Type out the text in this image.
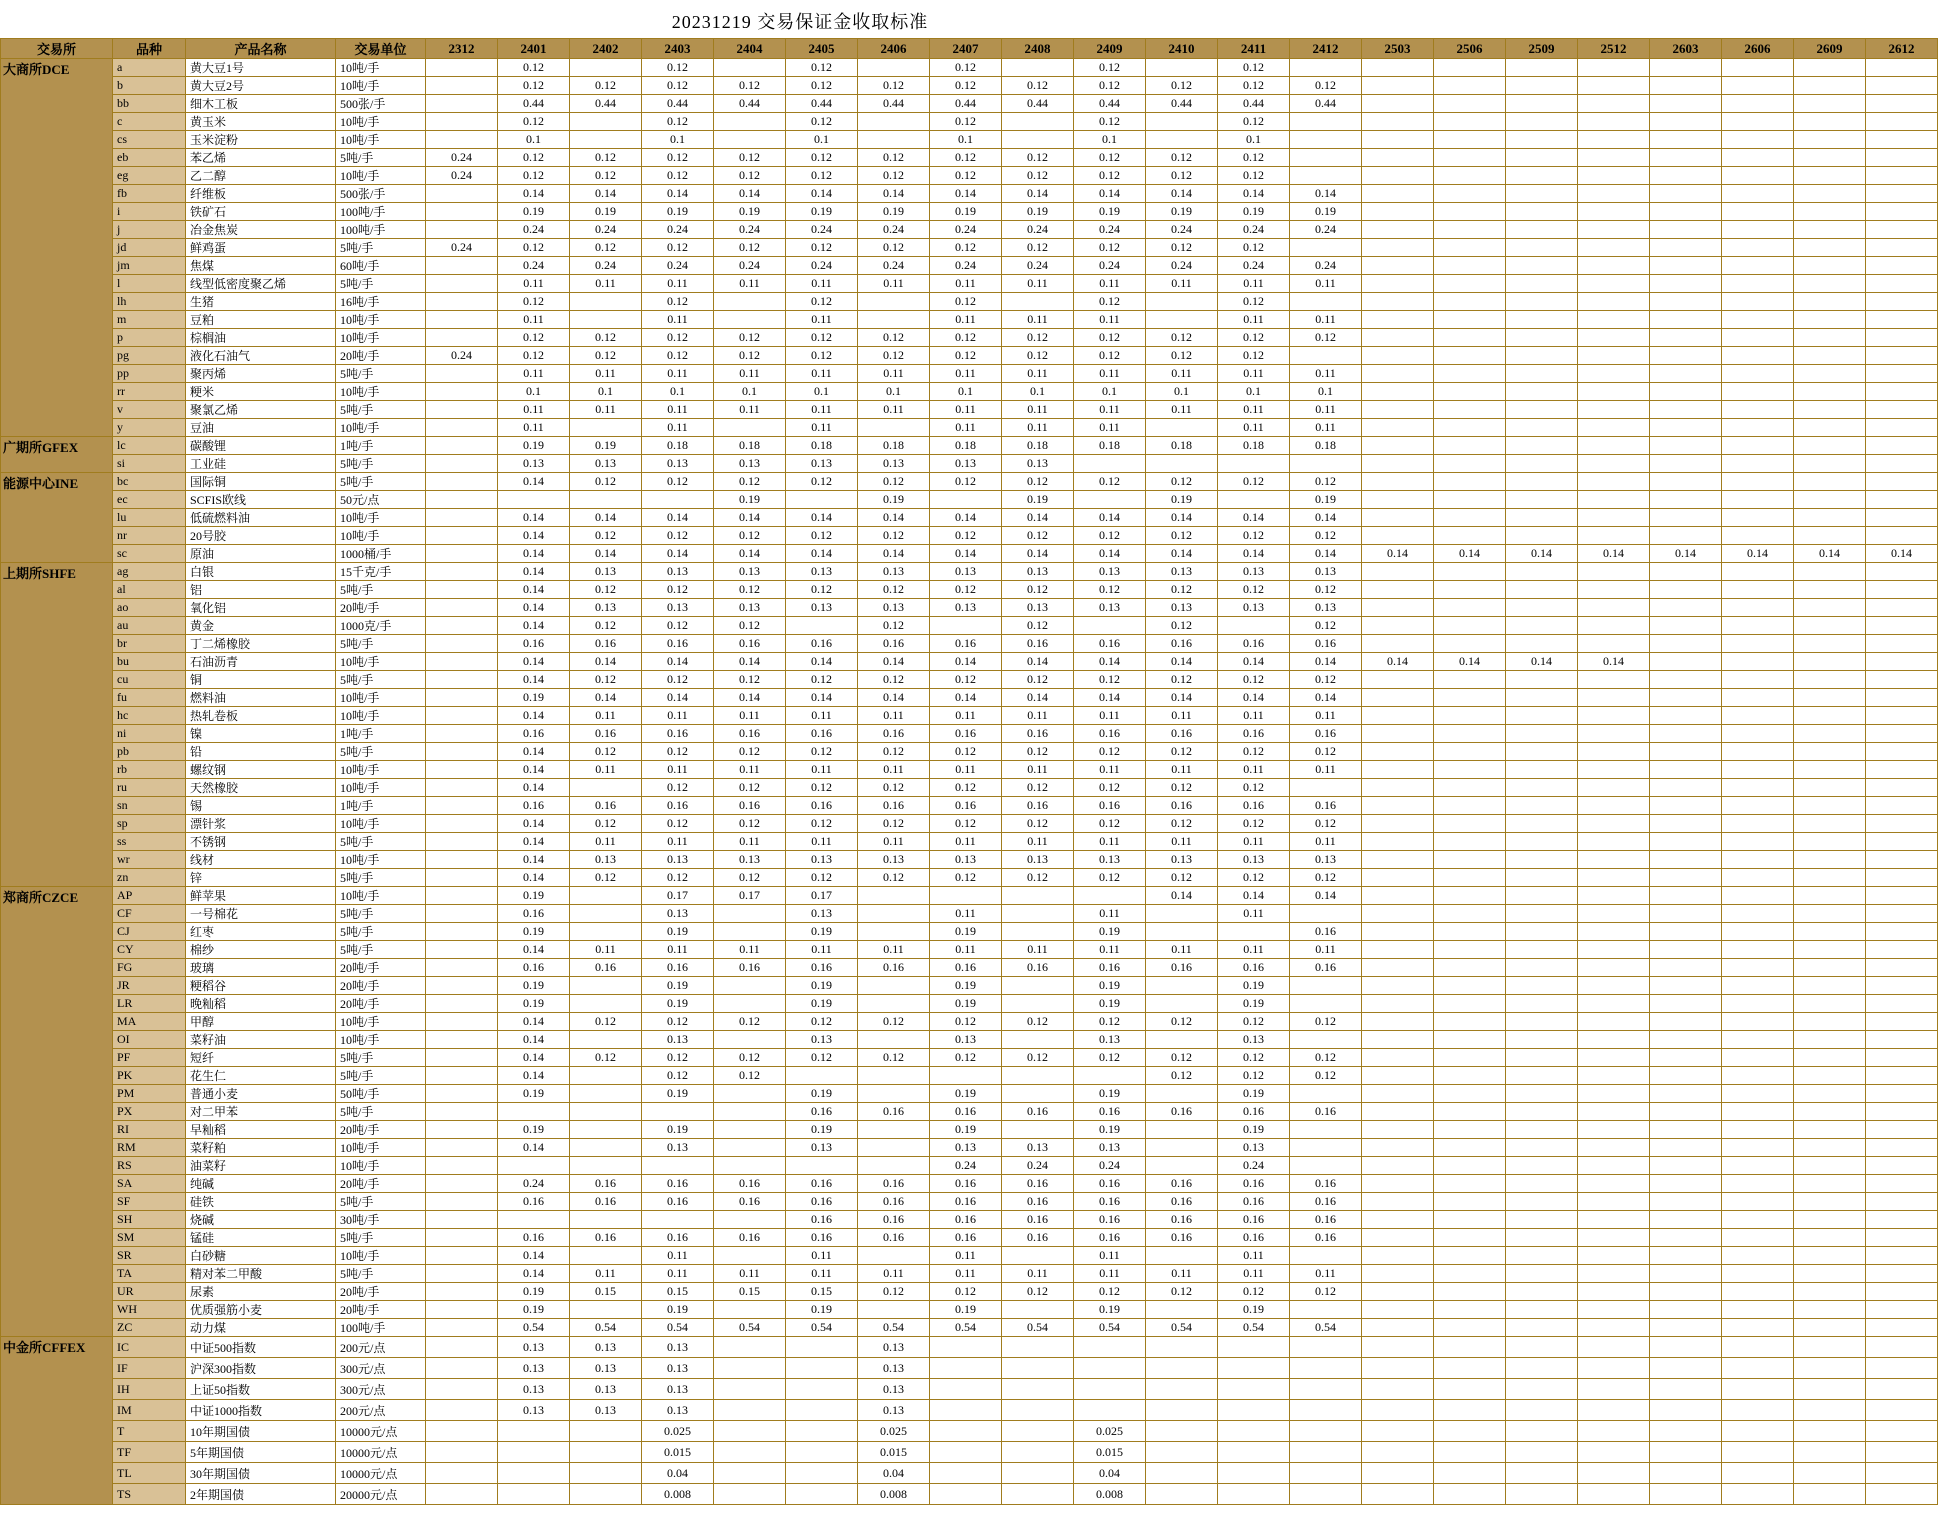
20231219 交易保证金收取标准
交易所	品种	产品名称	交易单位	2312	2401	2402	2403	2404	2405	2406	2407	2408	2409	2410	2411	2412	2503	2506	2509	2512	2603	2606	2609	2612
大商所DCE	a	黄大豆1号	10吨/手		0.12		0.12		0.12		0.12		0.12		0.12									
	b	黄大豆2号	10吨/手		0.12	0.12	0.12	0.12	0.12	0.12	0.12	0.12	0.12	0.12	0.12	0.12								
	bb	细木工板	500张/手		0.44	0.44	0.44	0.44	0.44	0.44	0.44	0.44	0.44	0.44	0.44	0.44								
	c	黄玉米	10吨/手		0.12		0.12		0.12		0.12		0.12		0.12									
	cs	玉米淀粉	10吨/手		0.1		0.1		0.1		0.1		0.1		0.1									
	eb	苯乙烯	5吨/手	0.24	0.12	0.12	0.12	0.12	0.12	0.12	0.12	0.12	0.12	0.12	0.12									
	eg	乙二醇	10吨/手	0.24	0.12	0.12	0.12	0.12	0.12	0.12	0.12	0.12	0.12	0.12	0.12									
	fb	纤维板	500张/手		0.14	0.14	0.14	0.14	0.14	0.14	0.14	0.14	0.14	0.14	0.14	0.14								
	i	铁矿石	100吨/手		0.19	0.19	0.19	0.19	0.19	0.19	0.19	0.19	0.19	0.19	0.19	0.19								
	j	冶金焦炭	100吨/手		0.24	0.24	0.24	0.24	0.24	0.24	0.24	0.24	0.24	0.24	0.24	0.24								
	jd	鲜鸡蛋	5吨/手	0.24	0.12	0.12	0.12	0.12	0.12	0.12	0.12	0.12	0.12	0.12	0.12									
	jm	焦煤	60吨/手		0.24	0.24	0.24	0.24	0.24	0.24	0.24	0.24	0.24	0.24	0.24	0.24								
	l	线型低密度聚乙烯	5吨/手		0.11	0.11	0.11	0.11	0.11	0.11	0.11	0.11	0.11	0.11	0.11	0.11								
	lh	生猪	16吨/手		0.12		0.12		0.12		0.12		0.12		0.12									
	m	豆粕	10吨/手		0.11		0.11		0.11		0.11	0.11	0.11		0.11	0.11								
	p	棕榈油	10吨/手		0.12	0.12	0.12	0.12	0.12	0.12	0.12	0.12	0.12	0.12	0.12	0.12								
	pg	液化石油气	20吨/手	0.24	0.12	0.12	0.12	0.12	0.12	0.12	0.12	0.12	0.12	0.12	0.12									
	pp	聚丙烯	5吨/手		0.11	0.11	0.11	0.11	0.11	0.11	0.11	0.11	0.11	0.11	0.11	0.11								
	rr	粳米	10吨/手		0.1	0.1	0.1	0.1	0.1	0.1	0.1	0.1	0.1	0.1	0.1	0.1								
	v	聚氯乙烯	5吨/手		0.11	0.11	0.11	0.11	0.11	0.11	0.11	0.11	0.11	0.11	0.11	0.11								
	y	豆油	10吨/手		0.11		0.11		0.11		0.11	0.11	0.11		0.11	0.11								
广期所GFEX	lc	碳酸锂	1吨/手		0.19	0.19	0.18	0.18	0.18	0.18	0.18	0.18	0.18	0.18	0.18	0.18								
	si	工业硅	5吨/手		0.13	0.13	0.13	0.13	0.13	0.13	0.13	0.13												
能源中心INE	bc	国际铜	5吨/手		0.14	0.12	0.12	0.12	0.12	0.12	0.12	0.12	0.12	0.12	0.12	0.12								
	ec	SCFIS欧线	50元/点					0.19		0.19		0.19		0.19		0.19								
	lu	低硫燃料油	10吨/手		0.14	0.14	0.14	0.14	0.14	0.14	0.14	0.14	0.14	0.14	0.14	0.14								
	nr	20号胶	10吨/手		0.14	0.12	0.12	0.12	0.12	0.12	0.12	0.12	0.12	0.12	0.12	0.12								
	sc	原油	1000桶/手		0.14	0.14	0.14	0.14	0.14	0.14	0.14	0.14	0.14	0.14	0.14	0.14	0.14	0.14	0.14	0.14	0.14	0.14	0.14	0.14
上期所SHFE	ag	白银	15千克/手		0.14	0.13	0.13	0.13	0.13	0.13	0.13	0.13	0.13	0.13	0.13	0.13								
	al	铝	5吨/手		0.14	0.12	0.12	0.12	0.12	0.12	0.12	0.12	0.12	0.12	0.12	0.12								
	ao	氧化铝	20吨/手		0.14	0.13	0.13	0.13	0.13	0.13	0.13	0.13	0.13	0.13	0.13	0.13								
	au	黄金	1000克/手		0.14	0.12	0.12	0.12		0.12		0.12		0.12		0.12								
	br	丁二烯橡胶	5吨/手		0.16	0.16	0.16	0.16	0.16	0.16	0.16	0.16	0.16	0.16	0.16	0.16								
	bu	石油沥青	10吨/手		0.14	0.14	0.14	0.14	0.14	0.14	0.14	0.14	0.14	0.14	0.14	0.14	0.14	0.14	0.14	0.14				
	cu	铜	5吨/手		0.14	0.12	0.12	0.12	0.12	0.12	0.12	0.12	0.12	0.12	0.12	0.12								
	fu	燃料油	10吨/手		0.19	0.14	0.14	0.14	0.14	0.14	0.14	0.14	0.14	0.14	0.14	0.14								
	hc	热轧卷板	10吨/手		0.14	0.11	0.11	0.11	0.11	0.11	0.11	0.11	0.11	0.11	0.11	0.11								
	ni	镍	1吨/手		0.16	0.16	0.16	0.16	0.16	0.16	0.16	0.16	0.16	0.16	0.16	0.16								
	pb	铅	5吨/手		0.14	0.12	0.12	0.12	0.12	0.12	0.12	0.12	0.12	0.12	0.12	0.12								
	rb	螺纹钢	10吨/手		0.14	0.11	0.11	0.11	0.11	0.11	0.11	0.11	0.11	0.11	0.11	0.11								
	ru	天然橡胶	10吨/手		0.14		0.12	0.12	0.12	0.12	0.12	0.12	0.12	0.12	0.12									
	sn	锡	1吨/手		0.16	0.16	0.16	0.16	0.16	0.16	0.16	0.16	0.16	0.16	0.16	0.16								
	sp	漂针浆	10吨/手		0.14	0.12	0.12	0.12	0.12	0.12	0.12	0.12	0.12	0.12	0.12	0.12								
	ss	不锈钢	5吨/手		0.14	0.11	0.11	0.11	0.11	0.11	0.11	0.11	0.11	0.11	0.11	0.11								
	wr	线材	10吨/手		0.14	0.13	0.13	0.13	0.13	0.13	0.13	0.13	0.13	0.13	0.13	0.13								
	zn	锌	5吨/手		0.14	0.12	0.12	0.12	0.12	0.12	0.12	0.12	0.12	0.12	0.12	0.12								
郑商所CZCE	AP	鲜苹果	10吨/手		0.19		0.17	0.17	0.17					0.14	0.14	0.14								
	CF	一号棉花	5吨/手		0.16		0.13		0.13		0.11		0.11		0.11									
	CJ	红枣	5吨/手		0.19		0.19		0.19		0.19		0.19			0.16								
	CY	棉纱	5吨/手		0.14	0.11	0.11	0.11	0.11	0.11	0.11	0.11	0.11	0.11	0.11	0.11								
	FG	玻璃	20吨/手		0.16	0.16	0.16	0.16	0.16	0.16	0.16	0.16	0.16	0.16	0.16	0.16								
	JR	粳稻谷	20吨/手		0.19		0.19		0.19		0.19		0.19		0.19									
	LR	晚籼稻	20吨/手		0.19		0.19		0.19		0.19		0.19		0.19									
	MA	甲醇	10吨/手		0.14	0.12	0.12	0.12	0.12	0.12	0.12	0.12	0.12	0.12	0.12	0.12								
	OI	菜籽油	10吨/手		0.14		0.13		0.13		0.13		0.13		0.13									
	PF	短纤	5吨/手		0.14	0.12	0.12	0.12	0.12	0.12	0.12	0.12	0.12	0.12	0.12	0.12								
	PK	花生仁	5吨/手		0.14		0.12	0.12						0.12	0.12	0.12								
	PM	普通小麦	50吨/手		0.19		0.19		0.19		0.19		0.19		0.19									
	PX	对二甲苯	5吨/手						0.16	0.16	0.16	0.16	0.16	0.16	0.16	0.16								
	RI	早籼稻	20吨/手		0.19		0.19		0.19		0.19		0.19		0.19									
	RM	菜籽粕	10吨/手		0.14		0.13		0.13		0.13	0.13	0.13		0.13									
	RS	油菜籽	10吨/手								0.24	0.24	0.24		0.24									
	SA	纯碱	20吨/手		0.24	0.16	0.16	0.16	0.16	0.16	0.16	0.16	0.16	0.16	0.16	0.16								
	SF	硅铁	5吨/手		0.16	0.16	0.16	0.16	0.16	0.16	0.16	0.16	0.16	0.16	0.16	0.16								
	SH	烧碱	30吨/手						0.16	0.16	0.16	0.16	0.16	0.16	0.16	0.16								
	SM	锰硅	5吨/手		0.16	0.16	0.16	0.16	0.16	0.16	0.16	0.16	0.16	0.16	0.16	0.16								
	SR	白砂糖	10吨/手		0.14		0.11		0.11		0.11		0.11		0.11									
	TA	精对苯二甲酸	5吨/手		0.14	0.11	0.11	0.11	0.11	0.11	0.11	0.11	0.11	0.11	0.11	0.11								
	UR	尿素	20吨/手		0.19	0.15	0.15	0.15	0.15	0.12	0.12	0.12	0.12	0.12	0.12	0.12								
	WH	优质强筋小麦	20吨/手		0.19		0.19		0.19		0.19		0.19		0.19									
	ZC	动力煤	100吨/手		0.54	0.54	0.54	0.54	0.54	0.54	0.54	0.54	0.54	0.54	0.54	0.54								
中金所CFFEX	IC	中证500指数	200元/点		0.13	0.13	0.13			0.13														
	IF	沪深300指数	300元/点		0.13	0.13	0.13			0.13														
	IH	上证50指数	300元/点		0.13	0.13	0.13			0.13														
	IM	中证1000指数	200元/点		0.13	0.13	0.13			0.13														
	T	10年期国债	10000元/点				0.025			0.025			0.025											
	TF	5年期国债	10000元/点				0.015			0.015			0.015											
	TL	30年期国债	10000元/点				0.04			0.04			0.04											
	TS	2年期国债	20000元/点				0.008			0.008			0.008											
